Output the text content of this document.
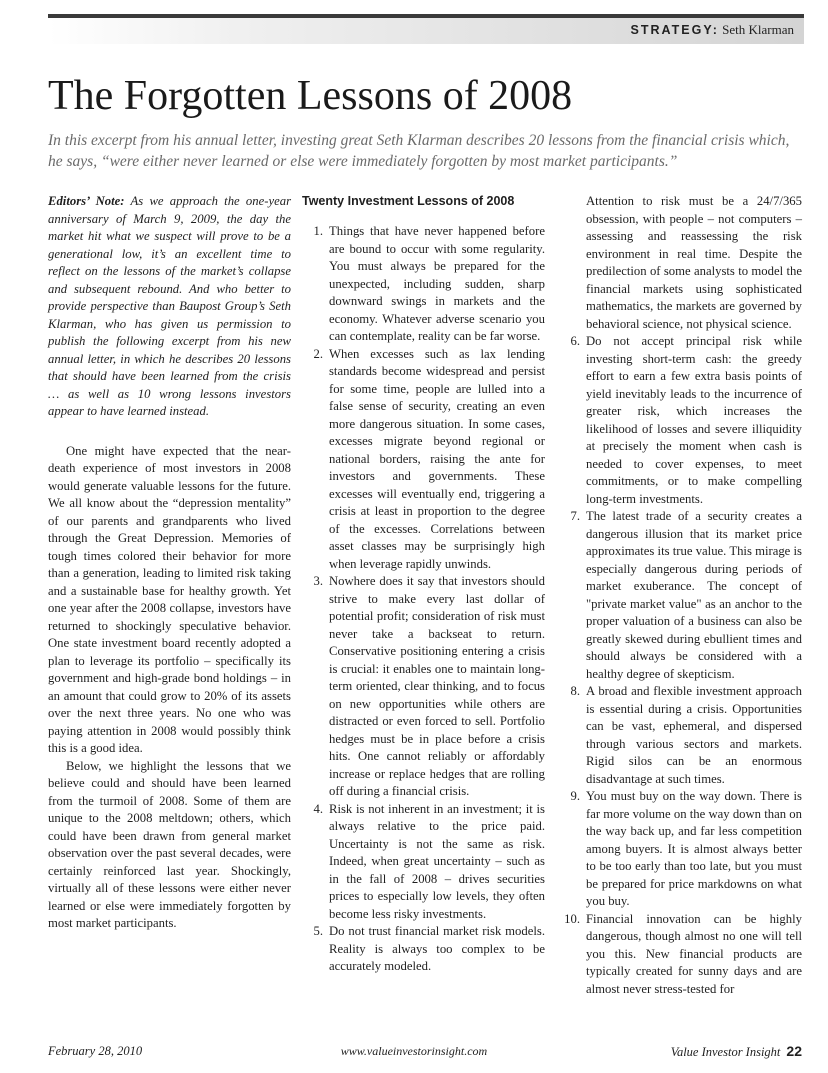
STRATEGY: Seth Klarman
The Forgotten Lessons of 2008

In this excerpt from his annual letter, investing great Seth Klarman describes 20 lessons from the financial crisis which, he says, “were either never learned or else were immediately forgotten by most market participants.”

Editors’ Note: As we approach the one-year anniversary of March 9, 2009, the day the market hit what we suspect will prove to be a generational low, it’s an excellent time to reflect on the lessons of the market’s collapse and subsequent rebound. And who better to provide perspective than Baupost Group’s Seth Klarman, who has given us permission to publish the following excerpt from his new annual letter, in which he describes 20 lessons that should have been learned from the crisis … as well as 10 wrong lessons investors appear to have learned instead.

One might have expected that the near-death experience of most investors in 2008 would generate valuable lessons for the future. We all know about the “depression mentality” of our parents and grandparents who lived through the Great Depression. Memories of tough times colored their behavior for more than a generation, leading to limited risk taking and a sustainable base for healthy growth. Yet one year after the 2008 collapse, investors have returned to shockingly speculative behavior. One state investment board recently adopted a plan to leverage its portfolio – specifically its government and high-grade bond holdings – in an amount that could grow to 20% of its assets over the next three years. No one who was paying attention in 2008 would possibly think this is a good idea.

Below, we highlight the lessons that we believe could and should have been learned from the turmoil of 2008. Some of them are unique to the 2008 meltdown; others, which could have been drawn from general market observation over the past several decades, were certainly reinforced last year. Shockingly, virtually all of these lessons were either never learned or else were immediately forgotten by most market participants.

Twenty Investment Lessons of 2008
1. Things that have never happened before are bound to occur with some regularity. You must always be prepared for the unexpected, including sudden, sharp downward swings in markets and the economy. Whatever adverse scenario you can contemplate, reality can be far worse.
2. When excesses such as lax lending standards become widespread and persist for some time, people are lulled into a false sense of security, creating an even more dangerous situation. In some cases, excesses migrate beyond regional or national borders, raising the ante for investors and governments. These excesses will eventually end, triggering a crisis at least in proportion to the degree of the excesses. Correlations between asset classes may be surprisingly high when leverage rapidly unwinds.
3. Nowhere does it say that investors should strive to make every last dollar of potential profit; consideration of risk must never take a backseat to return. Conservative positioning entering a crisis is crucial: it enables one to maintain long-term oriented, clear thinking, and to focus on new opportunities while others are distracted or even forced to sell. Portfolio hedges must be in place before a crisis hits. One cannot reliably or affordably increase or replace hedges that are rolling off during a financial crisis.
4. Risk is not inherent in an investment; it is always relative to the price paid. Uncertainty is not the same as risk. Indeed, when great uncertainty – such as in the fall of 2008 – drives securities prices to especially low levels, they often become less risky investments.
5. Do not trust financial market risk models. Reality is always too complex to be accurately modeled.

Attention to risk must be a 24/7/365 obsession, with people – not computers – assessing and reassessing the risk environment in real time. Despite the predilection of some analysts to model the financial markets using sophisticated mathematics, the markets are governed by behavioral science, not physical science.

6. Do not accept principal risk while investing short-term cash: the greedy effort to earn a few extra basis points of yield inevitably leads to the incurrence of greater risk, which increases the likelihood of losses and severe illiquidity at precisely the moment when cash is needed to cover expenses, to meet commitments, or to make compelling long-term investments.
7. The latest trade of a security creates a dangerous illusion that its market price approximates its true value. This mirage is especially dangerous during periods of market exuberance. The concept of "private market value" as an anchor to the proper valuation of a business can also be greatly skewed during ebullient times and should always be considered with a healthy degree of skepticism.
8. A broad and flexible investment approach is essential during a crisis. Opportunities can be vast, ephemeral, and dispersed through various sectors and markets. Rigid silos can be an enormous disadvantage at such times.
9. You must buy on the way down. There is far more volume on the way down than on the way back up, and far less competition among buyers. It is almost always better to be too early than too late, but you must be prepared for price markdowns on what you buy.
10. Financial innovation can be highly dangerous, though almost no one will tell you this. New financial products are typically created for sunny days and are almost never stress-tested for
February 28, 2010	www.valueinvestorinsight.com	Value Investor Insight 22
